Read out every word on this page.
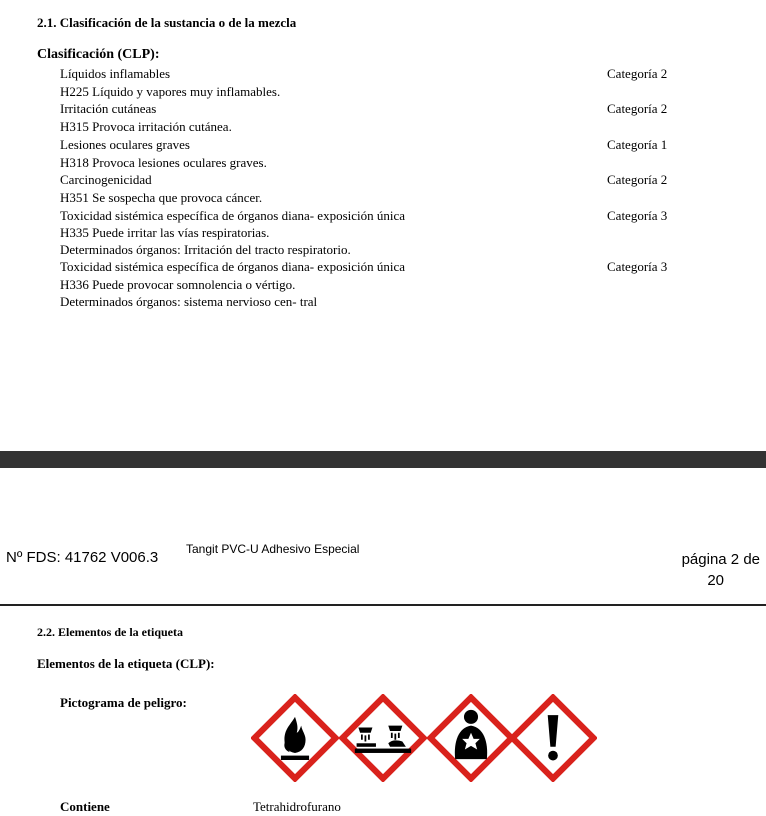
2.1. Clasificación de la sustancia o de la mezcla
Clasificación (CLP):
Líquidos inflamables	Categoría 2
H225 Líquido y vapores muy inflamables.
Irritación cutáneas	Categoría 2
H315 Provoca irritación cutánea.
Lesiones oculares graves	Categoría 1
H318 Provoca lesiones oculares graves.
Carcinogenicidad	Categoría 2
H351 Se sospecha que provoca cáncer.
Toxicidad sistémica específica de órganos diana- exposición única	Categoría 3
H335 Puede irritar las vías respiratorias.
Determinados órganos: Irritación del tracto respiratorio.
Toxicidad sistémica específica de órganos diana- exposición única	Categoría 3
H336 Puede provocar somnolencia o vértigo.
Determinados órganos: sistema nervioso cen- tral
Nº FDS: 41762 V006.3 Tangit PVC-U Adhesivo Especial
página 2 de
20
2.2. Elementos de la etiqueta
Elementos de la etiqueta (CLP):
Pictograma de peligro:
Contiene	Tetrahidrofurano
